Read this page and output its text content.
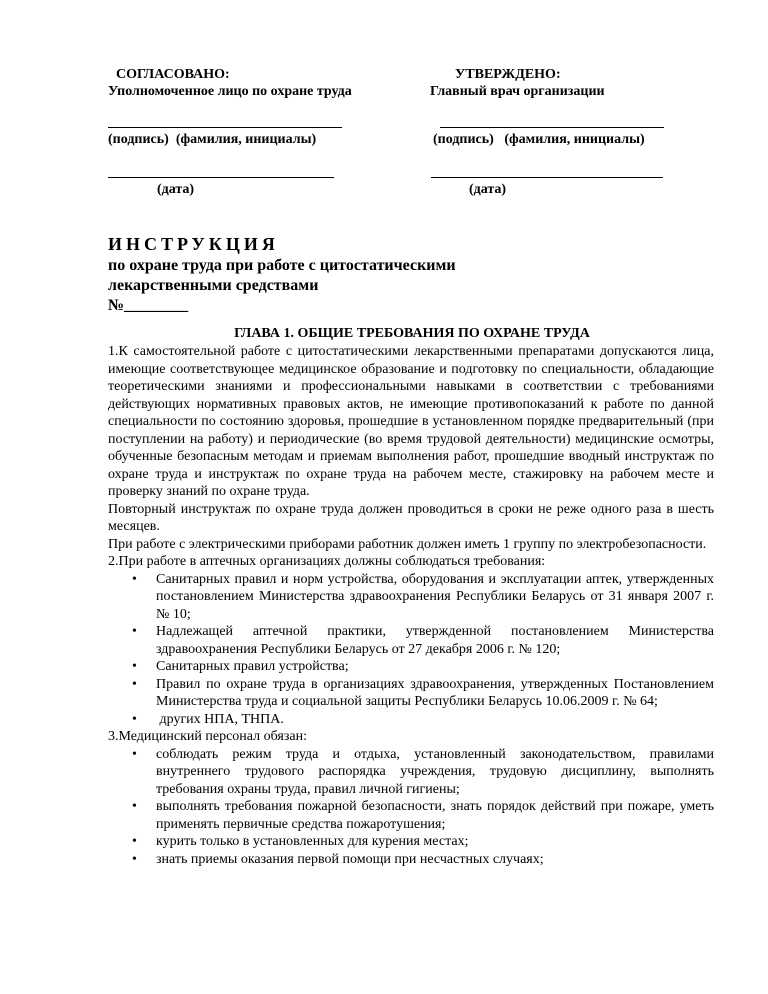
СОГЛАСОВАНО:
Уполномоченное лицо по охране труда
УТВЕРЖДЕНО:
Главный врач организации
(подпись)  (фамилия, инициалы)	(подпись)   (фамилия, инициалы)
(дата)	(дата)
ИНСТРУКЦИЯ
по охране труда при работе с цитостатическими лекарственными средствами
№________
ГЛАВА 1. ОБЩИЕ ТРЕБОВАНИЯ ПО ОХРАНЕ ТРУДА

1.К самостоятельной работе с цитостатическими лекарственными препаратами допускаются лица, имеющие соответствующее медицинское образование и подготовку по специальности, обладающие теоретическими знаниями и профессиональными навыками в соответствии с требованиями действующих нормативных правовых актов, не имеющие противопоказаний к работе по данной специальности по состоянию здоровья, прошедшие в установленном порядке предварительный (при поступлении на работу) и периодические (во время трудовой деятельности) медицинские осмотры, обученные безопасным методам и приемам выполнения работ, прошедшие вводный инструктаж по охране труда и инструктаж по охране труда на рабочем месте, стажировку на рабочем месте и проверку знаний по охране труда.

Повторный инструктаж по охране труда должен проводиться в сроки не реже одного раза в шесть месяцев.

При работе с электрическими приборами работник должен иметь 1 группу по электробезопасности.

2.При работе в аптечных организациях должны соблюдаться требования:

• Санитарных правил и норм устройства, оборудования и эксплуатации аптек, утвержденных постановлением Министерства здравоохранения Республики Беларусь от 31 января 2007 г. № 10;
• Надлежащей аптечной практики, утвержденной постановлением Министерства здравоохранения Республики Беларусь от 27 декабря 2006 г. № 120;
• Санитарных правил устройства;
• Правил по охране труда в организациях здравоохранения, утвержденных Постановлением Министерства труда и социальной защиты Республики Беларусь 10.06.2009 г. № 64;
• других НПА, ТНПА.

3.Медицинский персонал обязан:

• соблюдать режим труда и отдыха, установленный законодательством, правилами внутреннего трудового распорядка учреждения, трудовую дисциплину, выполнять требования охраны труда, правил личной гигиены;
• выполнять требования пожарной безопасности, знать порядок действий при пожаре, уметь применять первичные средства пожаротушения;
• курить только в установленных для курения местах;
• знать приемы оказания первой помощи при несчастных случаях;
